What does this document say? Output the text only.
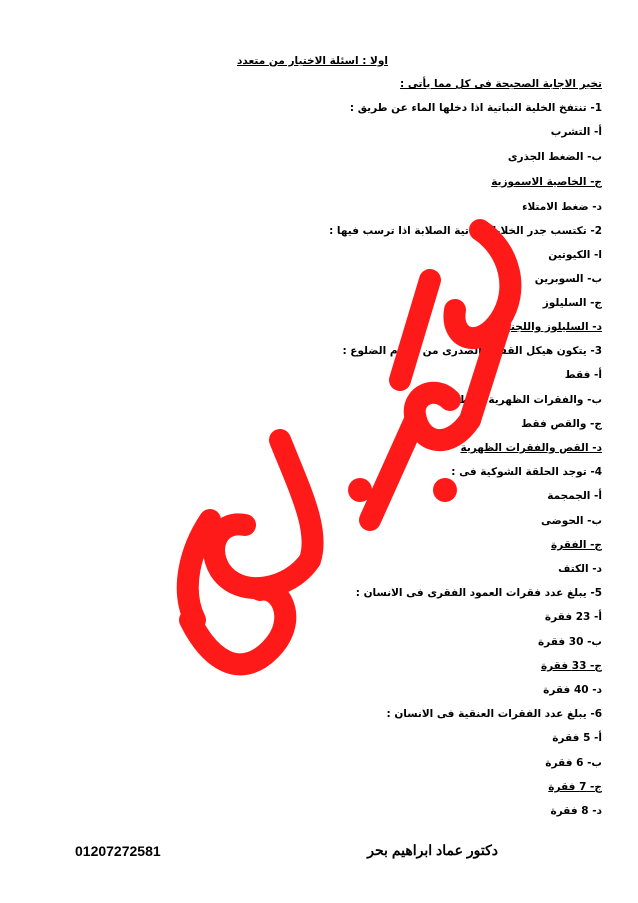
اولا : اسئلة الاختيار من متعدد
تخير الاجابة الصحيحة فى كل مما يأتى :
1- تنتفخ الخلية النباتية اذا دخلها الماء عن طريق :
أ- التشرب
ب- الضغط الجذرى
ج- الخاصية الاسموزية
د- ضغط الامتلاء
2- تكتسب جدر الخلايا النباتية الصلابة اذا ترسب فيها :
ا- الكيوتين
ب- السوبرين
ج- السليلوز
د- السليلوز واللجنين
3- يتكون هيكل القفص الصدرى من عظام الضلوع :
أ- فقط
ب- والفقرات الظهرية فقط
ج- والقص فقط
د- القص والفقرات الظهرية
4- توجد الحلقة الشوكية فى :
أ- الجمجمة
ب- الحوضى
ج- الفقرة
د- الكتف
5- يبلغ عدد فقرات العمود الفقرى فى الانسان :
أ- 23 فقرة
ب- 30 فقرة
ج- 33 فقرة
د- 40 فقرة
6- يبلغ عدد الفقرات العنقية فى الانسان :
أ- 5 فقرة
ب- 6 فقرة
ج- 7 فقرة
د- 8 فقرة
دكتور عماد ابراهيم بحر
01207272581
